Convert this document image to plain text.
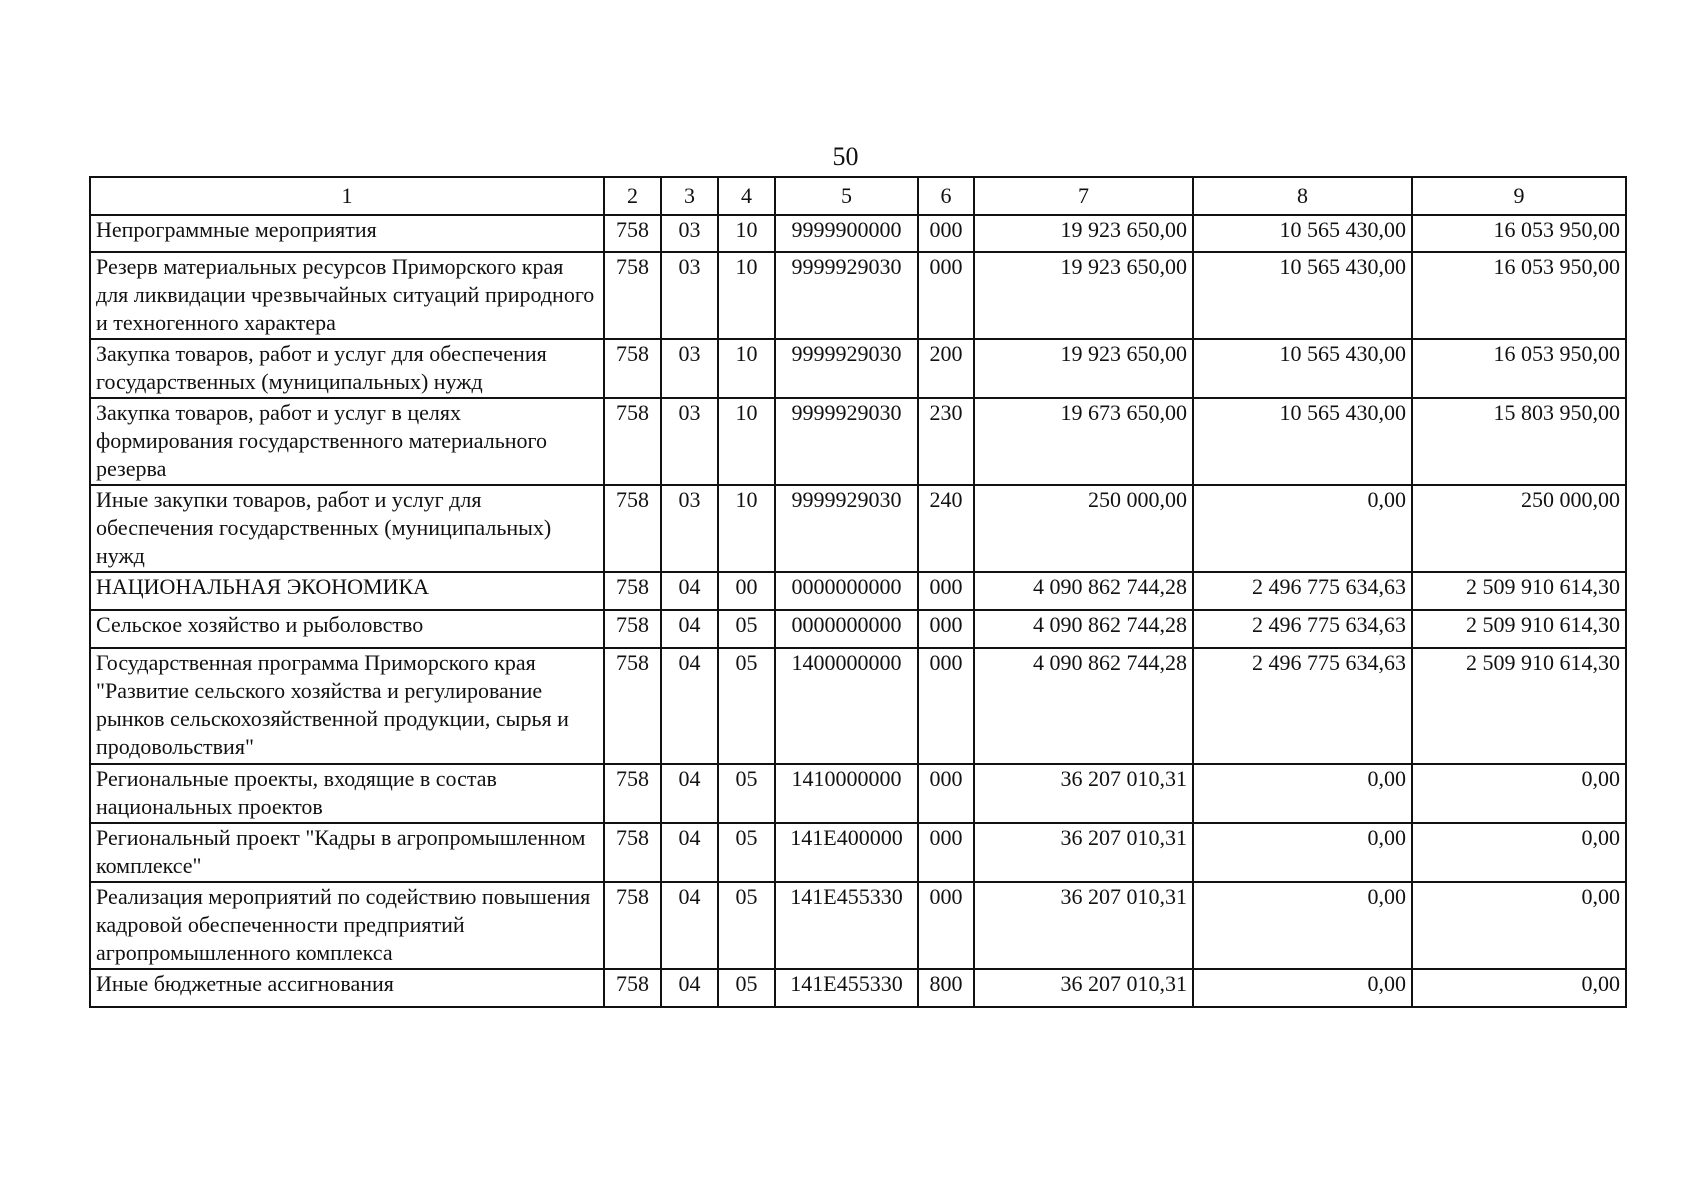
50
1	2	3	4	5	6	7	8	9
Непрограммные мероприятия	758	03	10	9999900000	000	19 923 650,00	10 565 430,00	16 053 950,00
Резерв материальных ресурсов Приморского края для ликвидации чрезвычайных ситуаций природного и техногенного характера	758	03	10	9999929030	000	19 923 650,00	10 565 430,00	16 053 950,00
Закупка товаров, работ и услуг для обеспечения государственных (муниципальных) нужд	758	03	10	9999929030	200	19 923 650,00	10 565 430,00	16 053 950,00
Закупка товаров, работ и услуг в целях формирования государственного материального резерва	758	03	10	9999929030	230	19 673 650,00	10 565 430,00	15 803 950,00
Иные закупки товаров, работ и услуг для обеспечения государственных (муниципальных) нужд	758	03	10	9999929030	240	250 000,00	0,00	250 000,00
НАЦИОНАЛЬНАЯ ЭКОНОМИКА	758	04	00	0000000000	000	4 090 862 744,28	2 496 775 634,63	2 509 910 614,30
Сельское хозяйство и рыболовство	758	04	05	0000000000	000	4 090 862 744,28	2 496 775 634,63	2 509 910 614,30
Государственная программа Приморского края "Развитие сельского хозяйства и регулирование рынков сельскохозяйственной продукции, сырья и продовольствия"	758	04	05	1400000000	000	4 090 862 744,28	2 496 775 634,63	2 509 910 614,30
Региональные проекты, входящие в состав национальных проектов	758	04	05	1410000000	000	36 207 010,31	0,00	0,00
Региональный проект "Кадры в агропромышленном комплексе"	758	04	05	141E400000	000	36 207 010,31	0,00	0,00
Реализация мероприятий по содействию повышения кадровой обеспеченности предприятий агропромышленного комплекса	758	04	05	141E455330	000	36 207 010,31	0,00	0,00
Иные бюджетные ассигнования	758	04	05	141E455330	800	36 207 010,31	0,00	0,00
